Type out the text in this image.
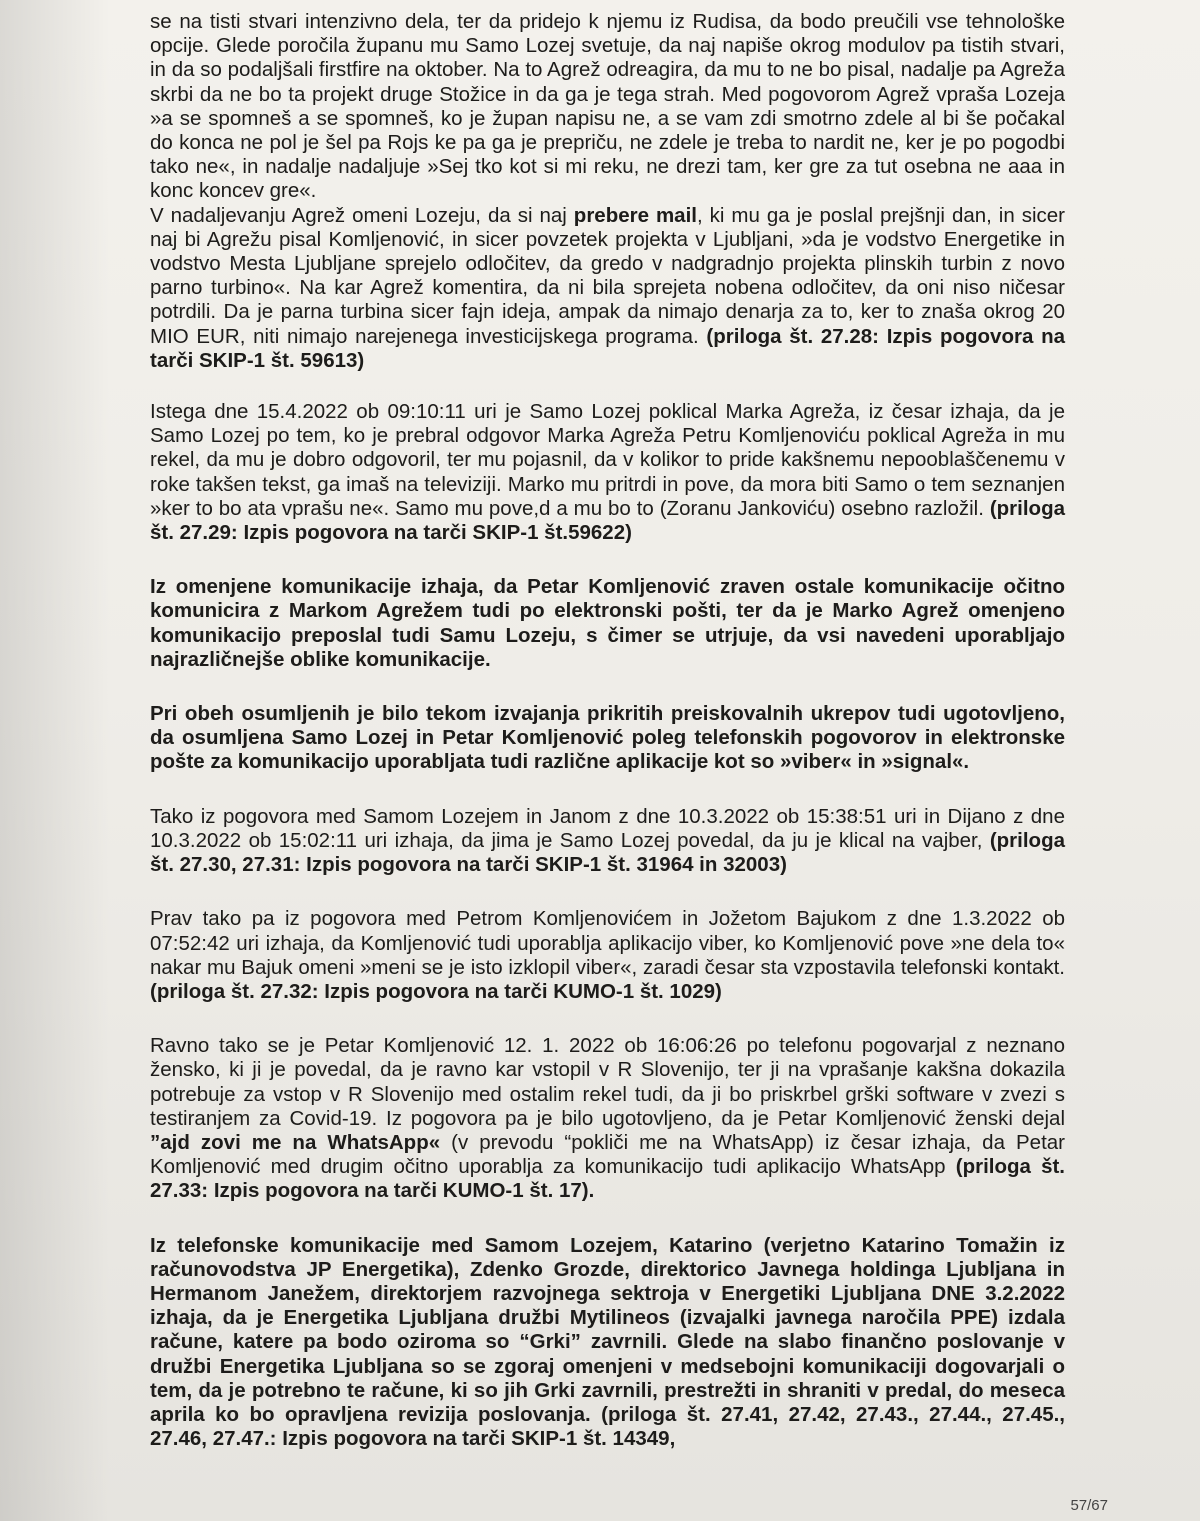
se na tisti stvari intenzivno dela, ter da pridejo k njemu iz Rudisa, da bodo preučili vse tehnološke opcije. Glede poročila županu mu Samo Lozej svetuje, da naj napiše okrog modulov pa tistih stvari, in da so podaljšali firstfire na oktober. Na to Agrež odreagira, da mu to ne bo pisal, nadalje pa Agreža skrbi da ne bo ta projekt druge Stožice in da ga je tega strah. Med pogovorom Agrež vpraša Lozeja »a se spomneš a se spomneš, ko je župan napisu ne, a se vam zdi smotrno zdele al bi še počakal do konca ne pol je šel pa Rojs ke pa ga je prepriču, ne zdele je treba to nardit ne, ker je po pogodbi tako ne«, in nadalje nadaljuje »Sej tko kot si mi reku, ne drezi tam, ker gre za tut osebna ne aaa in konc koncev gre«.

V nadaljevanju Agrež omeni Lozeju, da si naj prebere mail, ki mu ga je poslal prejšnji dan, in sicer naj bi Agrežu pisal Komljenović, in sicer povzetek projekta v Ljubljani, »da je vodstvo Energetike in vodstvo Mesta Ljubljane sprejelo odločitev, da gredo v nadgradnjo projekta plinskih turbin z novo parno turbino«. Na kar Agrež komentira, da ni bila sprejeta nobena odločitev, da oni niso ničesar potrdili. Da je parna turbina sicer fajn ideja, ampak da nimajo denarja za to, ker to znaša okrog 20 MIO EUR, niti nimajo narejenega investicijskega programa. (priloga št. 27.28: Izpis pogovora na tarči SKIP-1 št. 59613)

Istega dne 15.4.2022 ob 09:10:11 uri je Samo Lozej poklical Marka Agreža, iz česar izhaja, da je Samo Lozej po tem, ko je prebral odgovor Marka Agreža Petru Komljenoviću poklical Agreža in mu rekel, da mu je dobro odgovoril, ter mu pojasnil, da v kolikor to pride kakšnemu nepooblaščenemu v roke takšen tekst, ga imaš na televiziji. Marko mu pritrdi in pove, da mora biti Samo o tem seznanjen »ker to bo ata vprašu ne«. Samo mu pove,d a mu bo to (Zoranu Jankoviću) osebno razložil. (priloga št. 27.29: Izpis pogovora na tarči SKIP-1 št.59622)

Iz omenjene komunikacije izhaja, da Petar Komljenović zraven ostale komunikacije očitno komunicira z Markom Agrežem tudi po elektronski pošti, ter da je Marko Agrež omenjeno komunikacijo preposlal tudi Samu Lozeju, s čimer se utrjuje, da vsi navedeni uporabljajo najrazličnejše oblike komunikacije.

Pri obeh osumljenih je bilo tekom izvajanja prikritih preiskovalnih ukrepov tudi ugotovljeno, da osumljena Samo Lozej in Petar Komljenović poleg telefonskih pogovorov in elektronske pošte za komunikacijo uporabljata tudi različne aplikacije kot so »viber« in »signal«.

Tako iz pogovora med Samom Lozejem in Janom z dne 10.3.2022 ob 15:38:51 uri in Dijano z dne 10.3.2022 ob 15:02:11 uri izhaja, da jima je Samo Lozej povedal, da ju je klical na vajber, (priloga št. 27.30, 27.31: Izpis pogovora na tarči SKIP-1 št. 31964 in 32003)

Prav tako pa iz pogovora med Petrom Komljenovićem in Jožetom Bajukom z dne 1.3.2022 ob 07:52:42 uri izhaja, da Komljenović tudi uporablja aplikacijo viber, ko Komljenović pove »ne dela to« nakar mu Bajuk omeni »meni se je isto izklopil viber«, zaradi česar sta vzpostavila telefonski kontakt. (priloga št. 27.32: Izpis pogovora na tarči KUMO-1 št. 1029)

Ravno tako se je Petar Komljenović 12. 1. 2022 ob 16:06:26 po telefonu pogovarjal z neznano žensko, ki ji je povedal, da je ravno kar vstopil v R Slovenijo, ter ji na vprašanje kakšna dokazila potrebuje za vstop v R Slovenijo med ostalim rekel tudi, da ji bo priskrbel grški software v zvezi s testiranjem za Covid-19. Iz pogovora pa je bilo ugotovljeno, da je Petar Komljenović ženski dejal ”ajd zovi me na WhatsApp« (v prevodu “pokliči me na WhatsApp) iz česar izhaja, da Petar Komljenović med drugim očitno uporablja za komunikacijo tudi aplikacijo WhatsApp (priloga št. 27.33: Izpis pogovora na tarči KUMO-1 št. 17).

Iz telefonske komunikacije med Samom Lozejem, Katarino (verjetno Katarino Tomažin iz računovodstva JP Energetika), Zdenko Grozde, direktorico Javnega holdinga Ljubljana in Hermanom Janežem, direktorjem razvojnega sektroja v Energetiki Ljubljana DNE 3.2.2022 izhaja, da je Energetika Ljubljana družbi Mytilineos (izvajalki javnega naročila PPE) izdala račune, katere pa bodo oziroma so “Grki” zavrnili. Glede na slabo finančno poslovanje v družbi Energetika Ljubljana so se zgoraj omenjeni v medsebojni komunikaciji dogovarjali o tem, da je potrebno te račune, ki so jih Grki zavrnili, prestrežti in shraniti v predal, do meseca aprila ko bo opravljena revizija poslovanja. (priloga št. 27.41, 27.42, 27.43., 27.44., 27.45., 27.46, 27.47.: Izpis pogovora na tarči SKIP-1 št. 14349,

57/67
